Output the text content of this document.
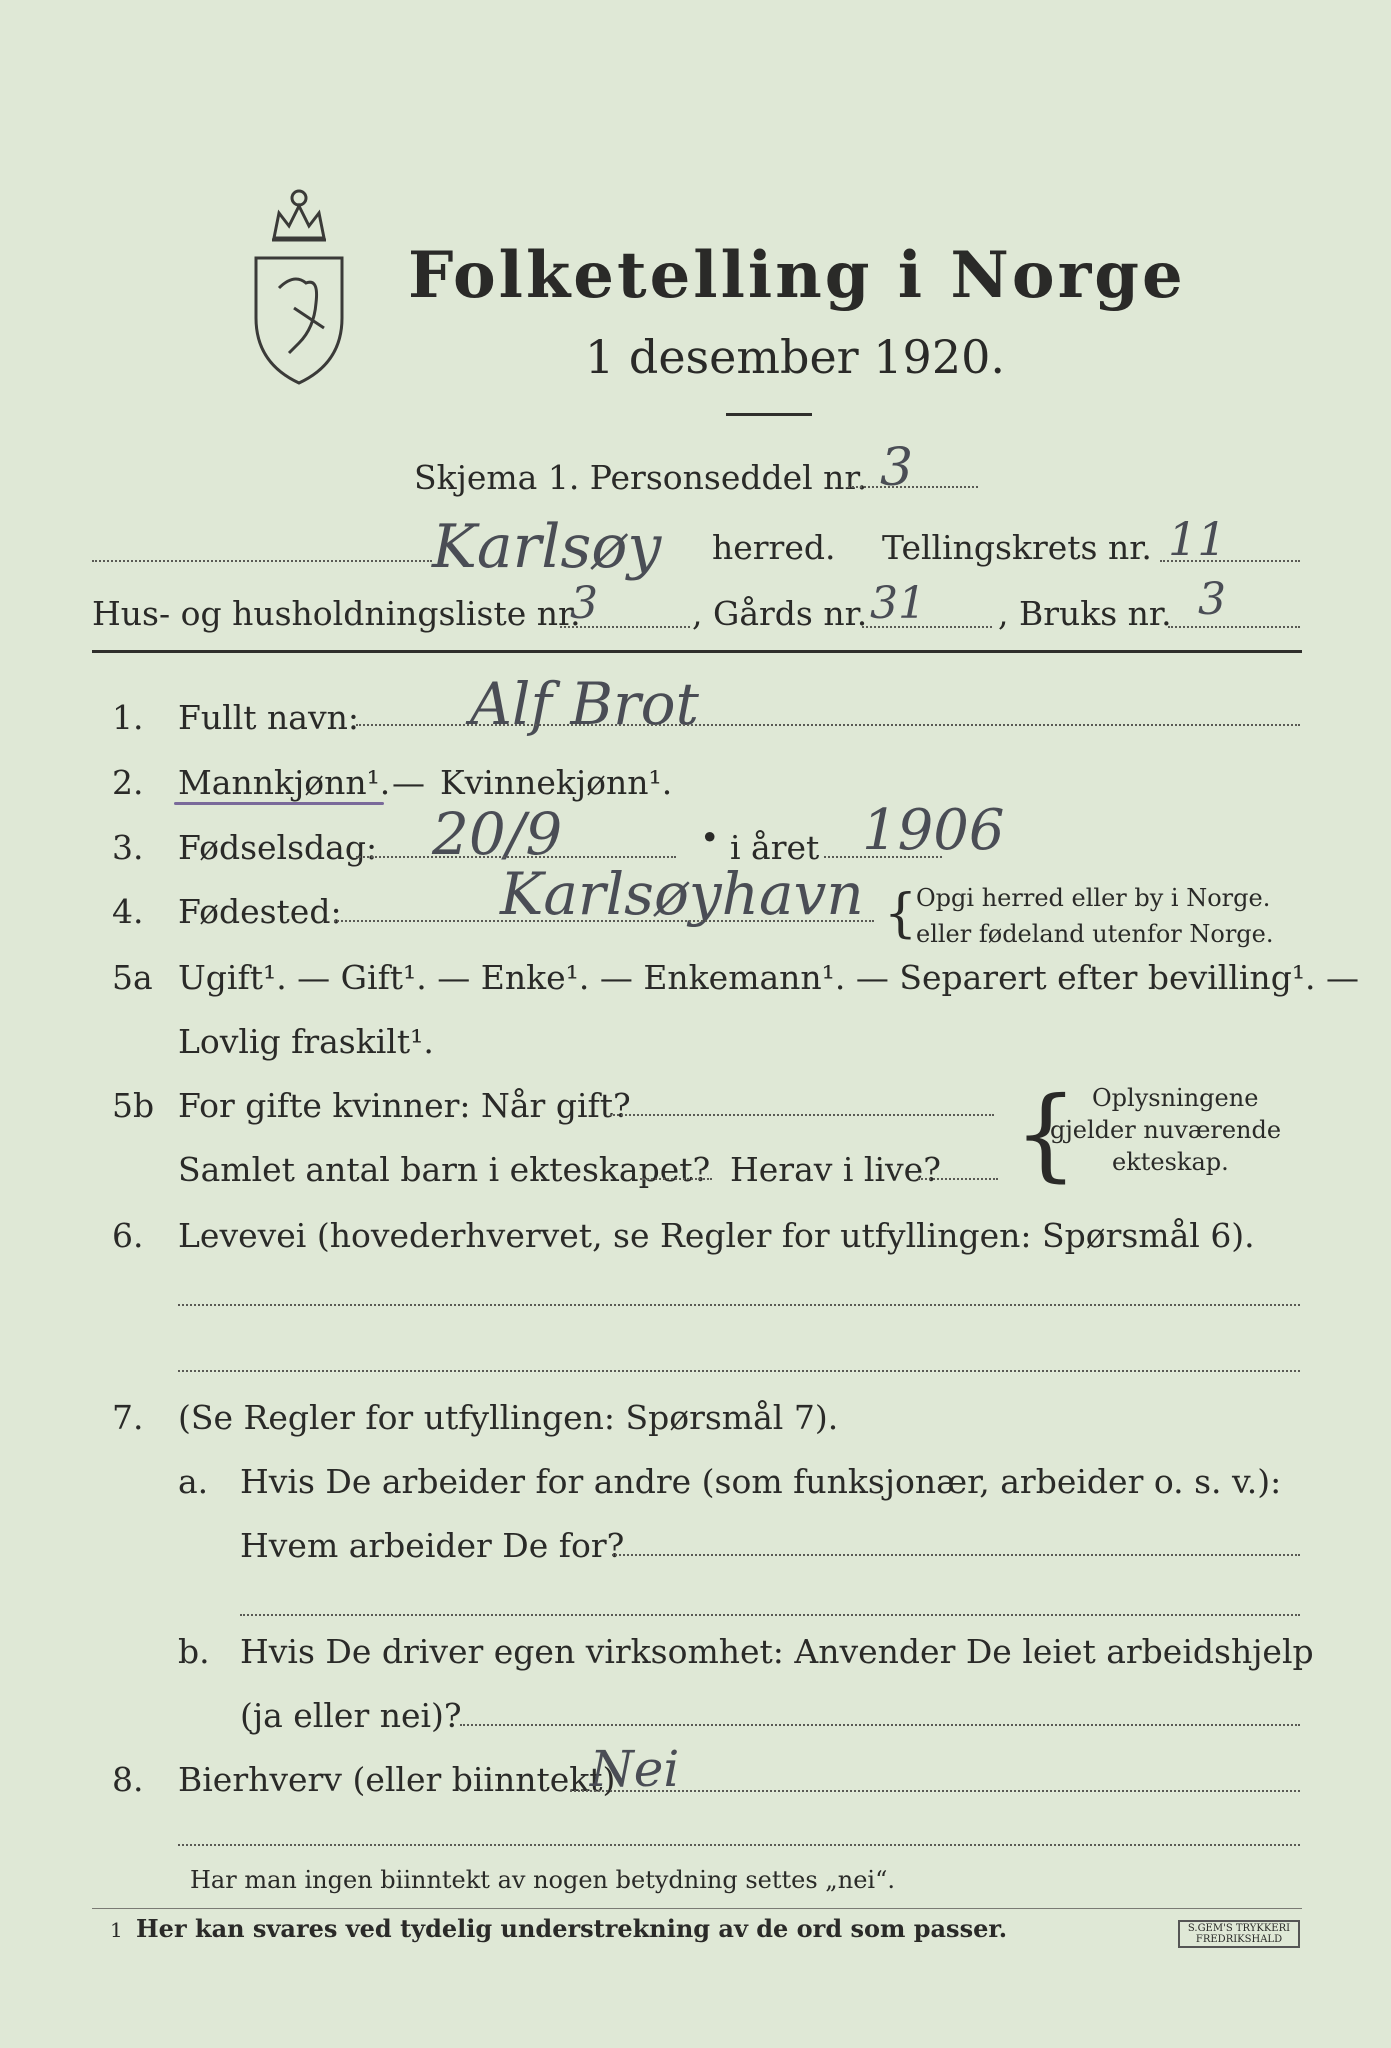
Folketelling i Norge
1 desember 1920.
Skjema 1. Personseddel nr. 3
Karlsøy herred. Tellingskrets nr. 11
Hus- og husholdningsliste nr.
3	, Gårds nr. 31 , Bruks nr. 3
1. Fullt navn: Alf Brot
2. Mannkjønn¹. — Kvinnekjønn¹.
3. Fødselsdag: 20/9	• i året 1906
4. Fødested:	Karlsøyhavn {
Opgi herred eller by i Norge.
eller fødeland utenfor Norge.
5a Ugift¹. — Gift¹. — Enke¹. — Enkemann¹. — Separert efter bevilling¹. —
Lovlig fraskilt¹.
5b For gifte kvinner: Når gift?
Samlet antal barn i ekteskapet? Herav i live? { Oplysningene
gjelder nuværende
ekteskap.
6. Levevei (hovederhvervet, se Regler for utfyllingen: Spørsmål 6).
7. (Se Regler for utfyllingen: Spørsmål 7).
a. Hvis De arbeider for andre (som funksjonær, arbeider o. s. v.):
Hvem arbeider De for?
b. Hvis De driver egen virksomhet: Anvender De leiet arbeidshjelp
(ja eller nei)?
8. Bierhverv (eller biinntekt)
Nei
Har man ingen biinntekt av nogen betydning settes „nei“.
1 Her kan svares ved tydelig understrekning av de ord som passer.	S.GEM'S TRYKKERI FREDRIKSHALD
